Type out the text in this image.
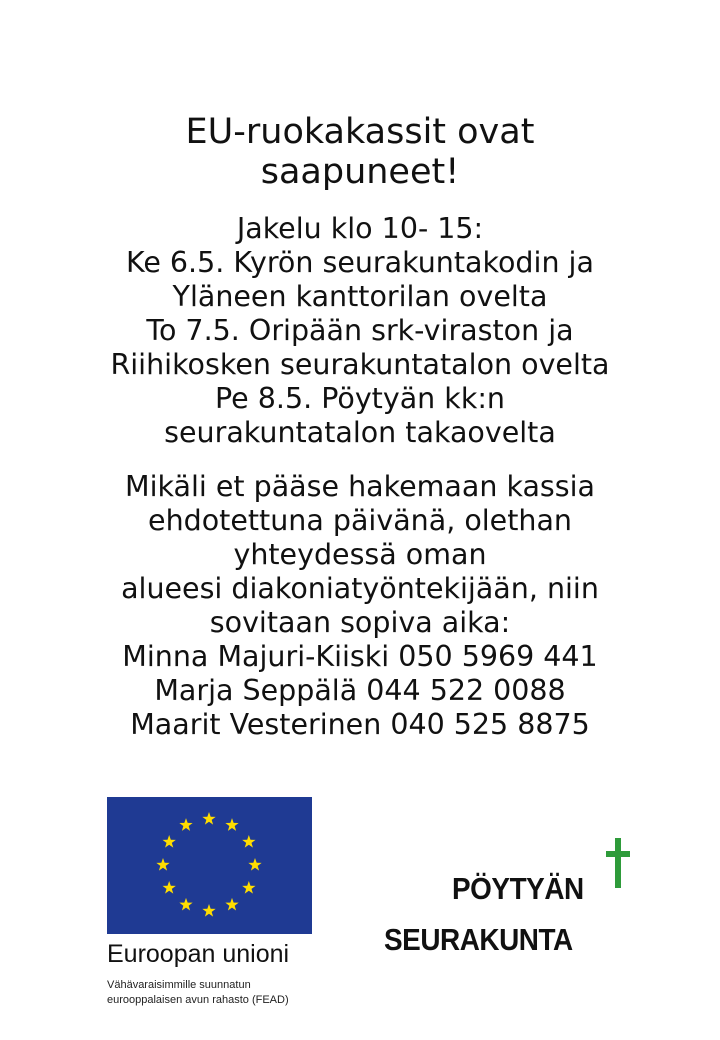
EU-ruokakassit ovat
saapuneet!
Jakelu klo 10- 15:
Ke 6.5. Kyrön seurakuntakodin ja
Yläneen kanttorilan ovelta
To 7.5. Oripään srk-viraston ja
Riihikosken seurakuntatalon ovelta
Pe 8.5. Pöytyän kk:n
seurakuntatalon takaovelta
Mikäli et pääse hakemaan kassia
ehdotettuna päivänä, olethan
yhteydessä oman
alueesi diakoniatyöntekijään, niin
sovitaan sopiva aika:
Minna Majuri-Kiiski 050 5969 441
Marja Seppälä 044 522 0088
Maarit Vesterinen 040 525 8875
Euroopan unioni
Vähävaraisimmille suunnatun
eurooppalaisen avun rahasto (FEAD)
PÖYTYÄN
SEURAKUNTA
